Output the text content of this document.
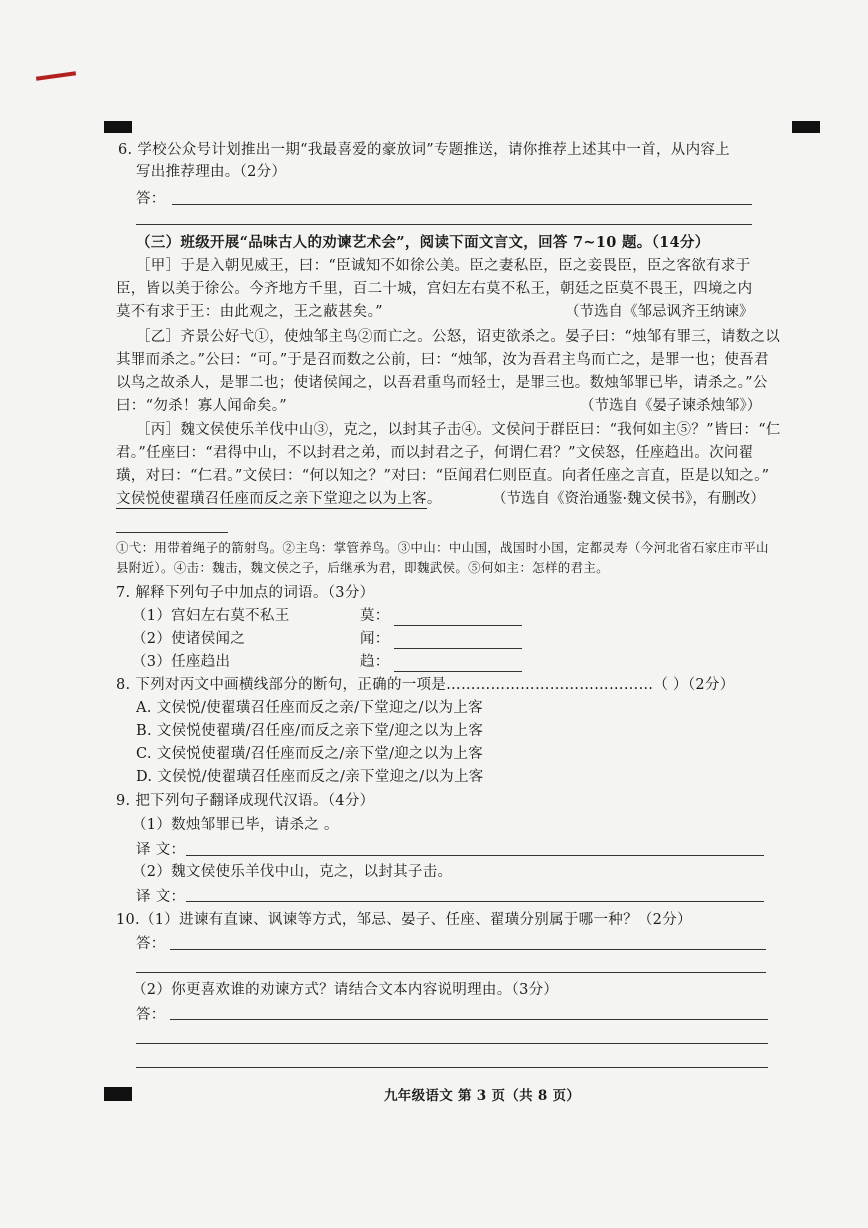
6. 学校公众号计划推出一期“我最喜爱的豪放词”专题推送，请你推荐上述其中一首，从内容上
写出推荐理由。（2分）
答：
（三）班级开展“品味古人的劝谏艺术会”，阅读下面文言文，回答 7~10 题。（14分）
［甲］于是入朝见威王，曰：“臣诚知不如徐公美。臣之妻私臣，臣之妾畏臣，臣之客欲有求于
臣，皆以美于徐公。今齐地方千里，百二十城，宫妇左右莫不私王，朝廷之臣莫不畏王，四境之内
莫不有求于王：由此观之，王之蔽甚矣。”	（节选自《邹忌讽齐王纳谏》
［乙］齐景公好弋①，使烛邹主鸟②而亡之。公怒，诏吏欲杀之。晏子曰：“烛邹有罪三，请数之以
其罪而杀之。”公曰：“可。”于是召而数之公前，曰：“烛邹，汝为吾君主鸟而亡之，是罪一也；使吾君
以鸟之故杀人，是罪二也；使诸侯闻之，以吾君重鸟而轻士，是罪三也。数烛邹罪已毕，请杀之。”公
曰：“勿杀！寡人闻命矣。”	（节选自《晏子谏杀烛邹》）
［丙］魏文侯使乐羊伐中山③，克之，以封其子击④。文侯问于群臣曰：“我何如主⑤？”皆曰：“仁
君。”任座曰：“君得中山，不以封君之弟，而以封君之子，何谓仁君？”文侯怒，任座趋出。次问翟
璜，对曰：“仁君。”文侯曰：“何以知之？”对曰：“臣闻君仁则臣直。向者任座之言直，臣是以知之。”
文侯悦使翟璜召任座而反之亲下堂迎之以为上客。	（节选自《资治通鉴·魏文侯书》，有删改）
①弋：用带着绳子的箭射鸟。②主鸟：掌管养鸟。③中山：中山国，战国时小国，定都灵寿（今河北省石家庄市平山
县附近）。④击：魏击，魏文侯之子，后继承为君，即魏武侯。⑤何如主：怎样的君主。
7. 解释下列句子中加点的词语。（3分）
（1）宫妇左右莫不私王	莫：
（2）使诸侯闻之	闻：
（3）任座趋出	趋：
8. 下列对丙文中画横线部分的断句，正确的一项是……………………………………（ ）（2分）
A. 文侯悦/使翟璜召任座而反之亲/下堂迎之/以为上客
B. 文侯悦使翟璜/召任座/而反之亲下堂/迎之以为上客
C. 文侯悦使翟璜/召任座而反之/亲下堂/迎之以为上客
D. 文侯悦/使翟璜召任座而反之/亲下堂迎之/以为上客
9. 把下列句子翻译成现代汉语。（4分）
（1）数烛邹罪已毕，请杀之 。
译 文：
（2）魏文侯使乐羊伐中山，克之，以封其子击。
译 文：
10.（1）进谏有直谏、讽谏等方式，邹忌、晏子、任座、翟璜分别属于哪一种？（2分）
答：
（2）你更喜欢谁的劝谏方式？请结合文本内容说明理由。（3分）
答：
九年级语文 第 3 页（共 8 页）
